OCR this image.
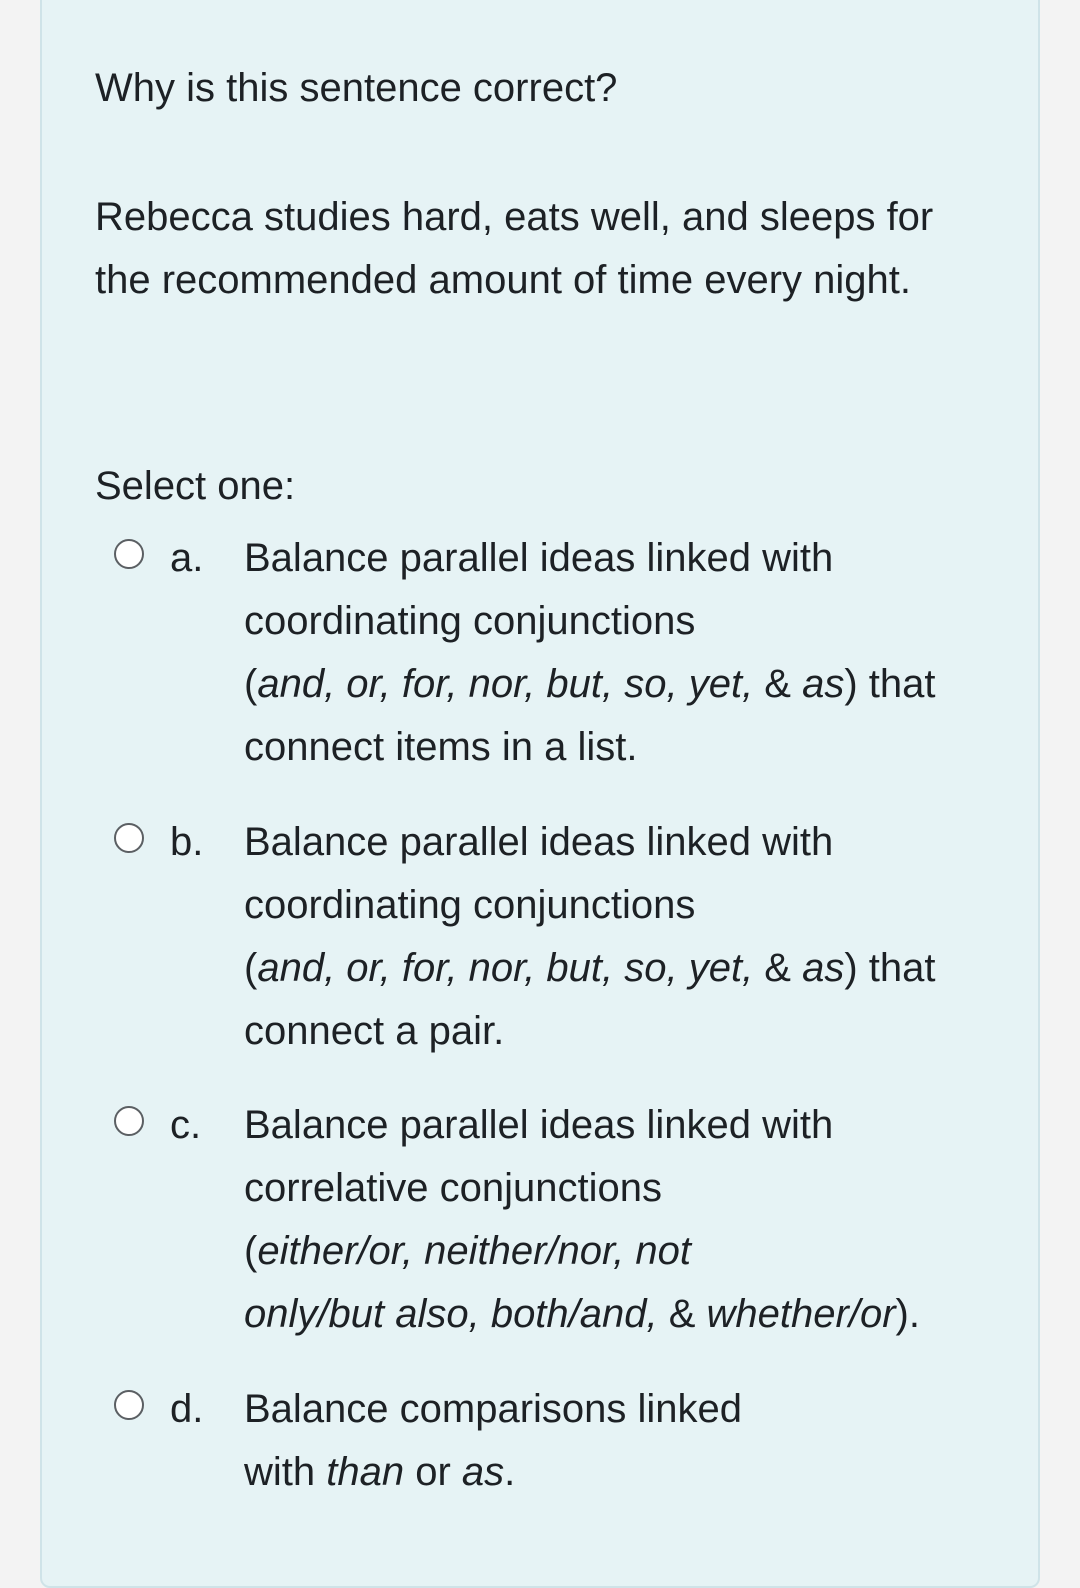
Why is this sentence correct?

Rebecca studies hard, eats well, and sleeps for
the recommended amount of time every night.

Select one:

a. Balance parallel ideas linked with
coordinating conjunctions
(and, or, for, nor, but, so, yet, & as) that
connect items in a list.
b. Balance parallel ideas linked with
coordinating conjunctions
(and, or, for, nor, but, so, yet, & as) that
connect a pair.
c. Balance parallel ideas linked with
correlative conjunctions
(either/or, neither/nor, not
only/but also, both/and, & whether/or).
d. Balance comparisons linked
with than or as.
